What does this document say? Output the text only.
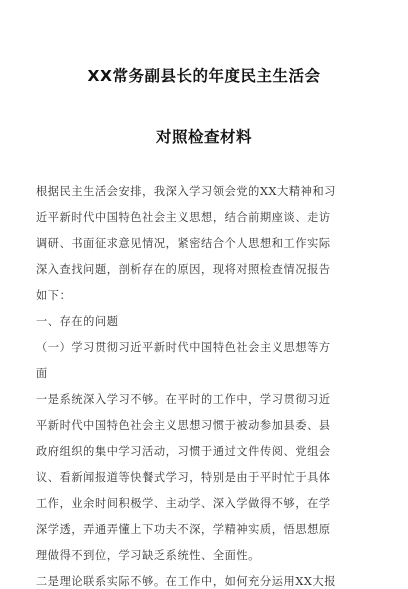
XX常务副县长的年度民主生活会
对照检查材料
根据民主生活会安排，我深入学习领会党的XX大精神和习
近平新时代中国特色社会主义思想，结合前期座谈、走访
调研、书面征求意见情况，紧密结合个人思想和工作实际
深入查找问题，剖析存在的原因，现将对照检查情况报告
如下：
一、存在的问题
（一）学习贯彻习近平新时代中国特色社会主义思想等方
面
一是系统深入学习不够。在平时的工作中，学习贯彻习近
平新时代中国特色社会主义思想习惯于被动参加县委、县
政府组织的集中学习活动，习惯于通过文件传阅、党组会
议、看新闻报道等快餐式学习，特别是由于平时忙于具体
工作，业余时间积极学、主动学、深入学做得不够，在学
深学透，弄通弄懂上下功夫不深，学精神实质，悟思想原
理做得不到位，学习缺乏系统性、全面性。
二是理论联系实际不够。在工作中，如何充分运用XX大报
